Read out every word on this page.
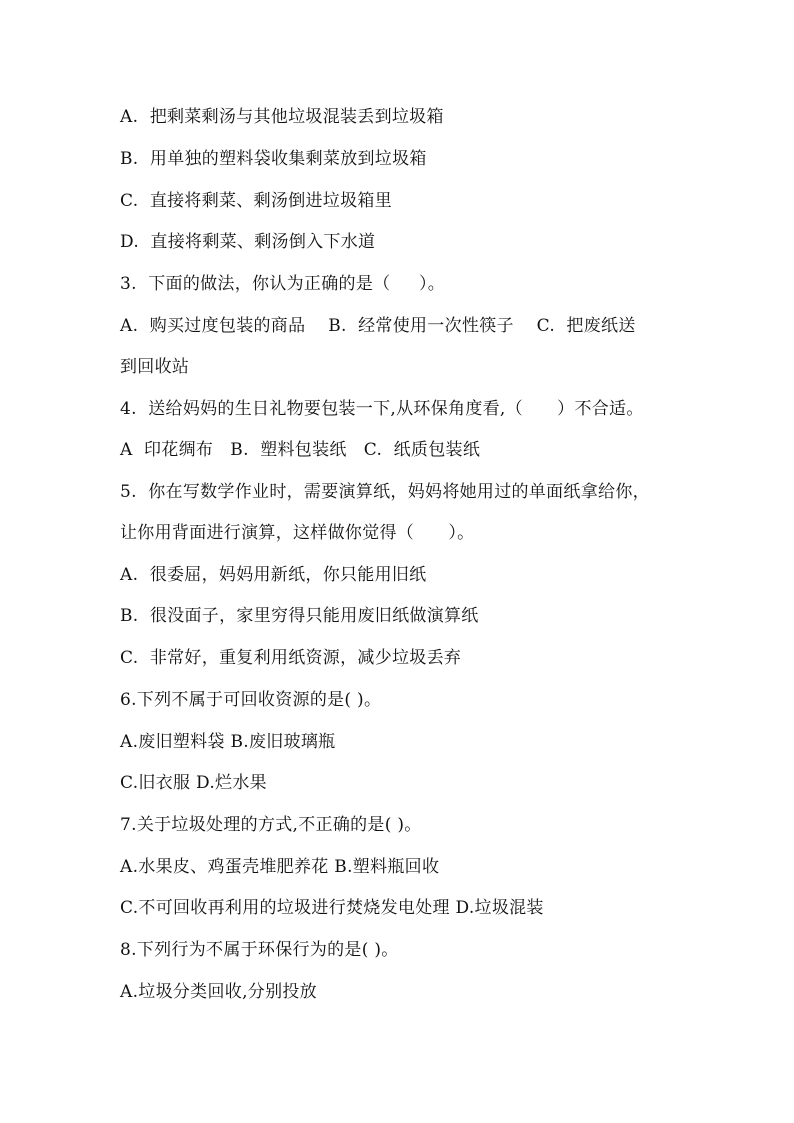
A.  把剩菜剩汤与其他垃圾混装丢到垃圾箱
B.  用单独的塑料袋收集剩菜放到垃圾箱
C.  直接将剩菜、剩汤倒进垃圾箱里
D.  直接将剩菜、剩汤倒入下水道
3.  下面的做法，你认为正确的是（     ）。
A.  购买过度包装的商品    B.  经常使用一次性筷子    C.  把废纸送
到回收站
4.  送给妈妈的生日礼物要包装一下,从环保角度看,（      ）不合适。
A  印花绸布   B.  塑料包装纸   C.  纸质包装纸
5.  你在写数学作业时，需要演算纸，妈妈将她用过的单面纸拿给你，
让你用背面进行演算，这样做你觉得（      ）。
A.  很委屈，妈妈用新纸，你只能用旧纸
B.  很没面子，家里穷得只能用废旧纸做演算纸
C.  非常好，重复利用纸资源，减少垃圾丢弃
6.下列不属于可回收资源的是( )。
A.废旧塑料袋 B.废旧玻璃瓶
C.旧衣服 D.烂水果
7.关于垃圾处理的方式,不正确的是( )。
A.水果皮、鸡蛋壳堆肥养花 B.塑料瓶回收
C.不可回收再利用的垃圾进行焚烧发电处理 D.垃圾混装
8.下列行为不属于环保行为的是( )。
A.垃圾分类回收,分别投放
